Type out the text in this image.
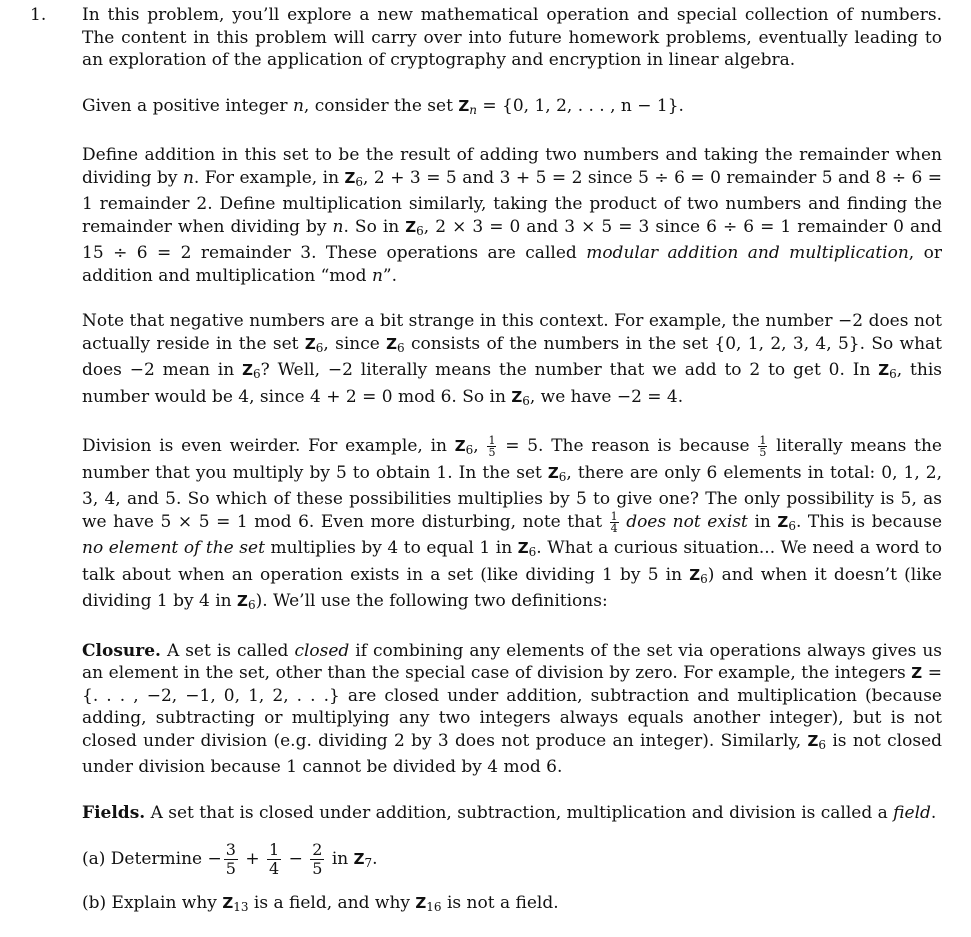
1. In this problem, you’ll explore a new mathematical operation and special collection of numbers. The content in this problem will carry over into future homework problems, eventually leading to an exploration of the application of cryptography and encryption in linear algebra.

Given a positive integer n, consider the set $Z_n = \{0$, 1, 2, . . . , n − 1}.

Define addition in this set to be the result of adding two numbers and taking the remainder when dividing by n. For example, in $Z_6$, 2 + 3 = 5 and 3 + 5 = 2 since 5 ÷ 6 = 0 remainder 5 and 8 ÷ 6 = 1 remainder 2. Define multiplication similarly, taking the product of two numbers and finding the remainder when dividing by n. So in $Z_6$, 2 × 3 = 0 and 3 × 5 = 3 since 6 ÷ 6 = 1 remainder 0 and 15 ÷ 6 = 2 remainder 3. These operations are called modular addition and multiplication, or addition and multiplication “mod n”.

Note that negative numbers are a bit strange in this context. For example, the number −2 does not actually reside in the set $Z_6$, since $Z_6$ consists of the numbers in the set {0, 1, 2, 3, 4, 5}. So what does −2 mean in $Z_6$? Well, −2 literally means the number that we add to 2 to get 0. In $Z_6$, this number would be 4, since 4 + 2 = 0 mod 6. So in $Z_6$, we have −2 = 4.

Division is even weirder. For example, in $Z_6$, $\frac{1}{5} = 5$. The reason is because $\frac{1}{5}$ literally means the number that you multiply by 5 to obtain 1. In the set $Z_6$, there are only 6 elements in total: 0, 1, 2, 3, 4, and 5. So which of these possibilities multiplies by 5 to give one? The only possibility is 5, as we have 5 × 5 = 1 mod 6. Even more disturbing, note that $\frac{1}{4}$ does not exist in $Z_6$. This is because no element of the set multiplies by 4 to equal 1 in $Z_6$. What a curious situation... We need a word to talk about when an operation exists in a set (like dividing 1 by 5 in $Z_6$) and when it doesn’t (like dividing 1 by 4 in $Z_6$). We’ll use the following two definitions:

Closure. A set is called closed if combining any elements of the set via operations always gives us an element in the set, other than the special case of division by zero. For example, the integers Z = {. . . , −2, −1, 0, 1, 2, . . .} are closed under addition, subtraction and multiplication (because adding, subtracting or multiplying any two integers always equals another integer), but is not closed under division (e.g. dividing 2 by 3 does not produce an integer). Similarly, $Z_6$ is not closed under division because 1 cannot be divided by 4 mod 6.

Fields. A set that is closed under addition, subtraction, multiplication and division is called a field.

(a) Determine − $\frac{3}{5} + \frac{1}{4} - \frac{2}{5}$ in $Z_7$.
(b) Explain why $Z_{13}$ is a field, and why $Z_{16}$ is not a field.
